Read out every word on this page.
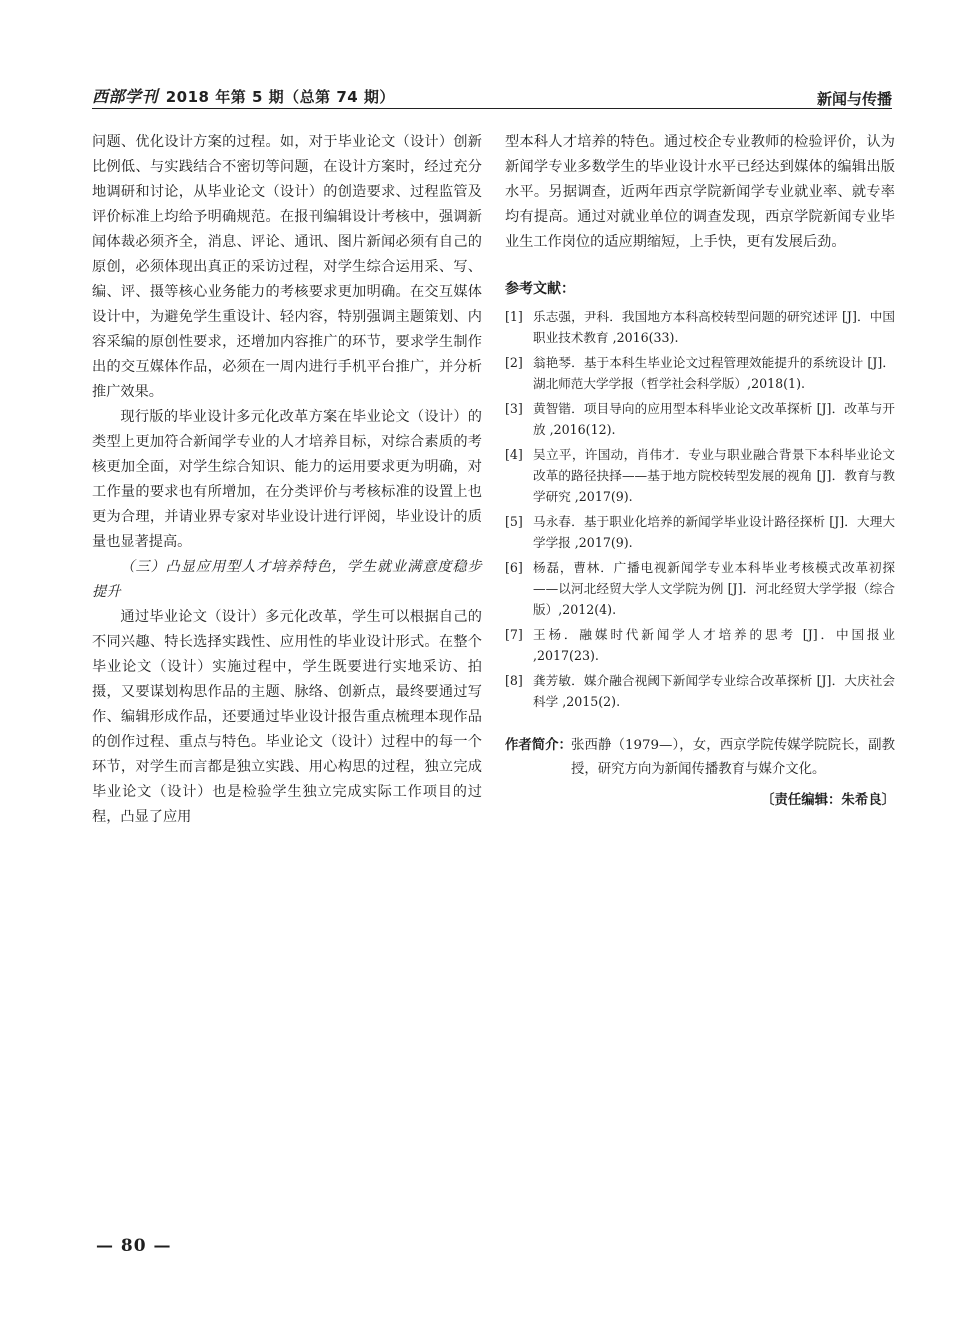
西部学刊 2018 年第 5 期（总第 74 期）	新闻与传播

问题、优化设计方案的过程。如，对于毕业论文（设计）创新比例低、与实践结合不密切等问题，在设计方案时，经过充分地调研和讨论，从毕业论文（设计）的创造要求、过程监管及评价标准上均给予明确规范。在报刊编辑设计考核中，强调新闻体裁必须齐全，消息、评论、通讯、图片新闻必须有自己的原创，必须体现出真正的采访过程，对学生综合运用采、写、编、评、摄等核心业务能力的考核要求更加明确。在交互媒体设计中，为避免学生重设计、轻内容，特别强调主题策划、内容采编的原创性要求，还增加内容推广的环节，要求学生制作出的交互媒体作品，必须在一周内进行手机平台推广，并分析推广效果。

现行版的毕业设计多元化改革方案在毕业论文（设计）的类型上更加符合新闻学专业的人才培养目标，对综合素质的考核更加全面，对学生综合知识、能力的运用要求更为明确，对工作量的要求也有所增加，在分类评价与考核标准的设置上也更为合理，并请业界专家对毕业设计进行评阅，毕业设计的质量也显著提高。

（三）凸显应用型人才培养特色，学生就业满意度稳步提升

通过毕业论文（设计）多元化改革，学生可以根据自己的不同兴趣、特长选择实践性、应用性的毕业设计形式。在整个毕业论文（设计）实施过程中，学生既要进行实地采访、拍摄，又要谋划构思作品的主题、脉络、创新点，最终要通过写作、编辑形成作品，还要通过毕业设计报告重点梳理本现作品的创作过程、重点与特色。毕业论文（设计）过程中的每一个环节，对学生而言都是独立实践、用心构思的过程，独立完成毕业论文（设计）也是检验学生独立完成实际工作项目的过程，凸显了应用

型本科人才培养的特色。通过校企专业教师的检验评价，认为新闻学专业多数学生的毕业设计水平已经达到媒体的编辑出版水平。另据调查，近两年西京学院新闻学专业就业率、就专率均有提高。通过对就业单位的调查发现，西京学院新闻专业毕业生工作岗位的适应期缩短，上手快，更有发展后劲。

参考文献：
[1] 乐志强，尹科．我国地方本科高校转型问题的研究述评 [J]．中国职业技术教育 ,2016(33).
[2] 翁艳琴．基于本科生毕业论文过程管理效能提升的系统设计 [J]．湖北师范大学学报（哲学社会科学版）,2018(1).
[3] 黄智锴．项目导向的应用型本科毕业论文改革探析 [J]．改革与开放 ,2016(12).
[4] 吴立平，许国动，肖伟才．专业与职业融合背景下本科毕业论文改革的路径抉择——基于地方院校转型发展的视角 [J]．教育与教学研究 ,2017(9).
[5] 马永春．基于职业化培养的新闻学毕业设计路径探析 [J]．大理大学学报 ,2017(9).
[6] 杨磊，曹林．广播电视新闻学专业本科毕业考核模式改革初探——以河北经贸大学人文学院为例 [J]．河北经贸大学学报（综合版）,2012(4).
[7] 王杨．融媒时代新闻学人才培养的思考 [J]．中国报业 ,2017(23).
[8] 龚芳敏．媒介融合视阈下新闻学专业综合改革探析 [J]．大庆社会科学 ,2015(2).
作者简介： 张西静（1979—），女，西京学院传媒学院院长，副教授，研究方向为新闻传播教育与媒介文化。
〔责任编辑：朱希良〕
— 80 —
